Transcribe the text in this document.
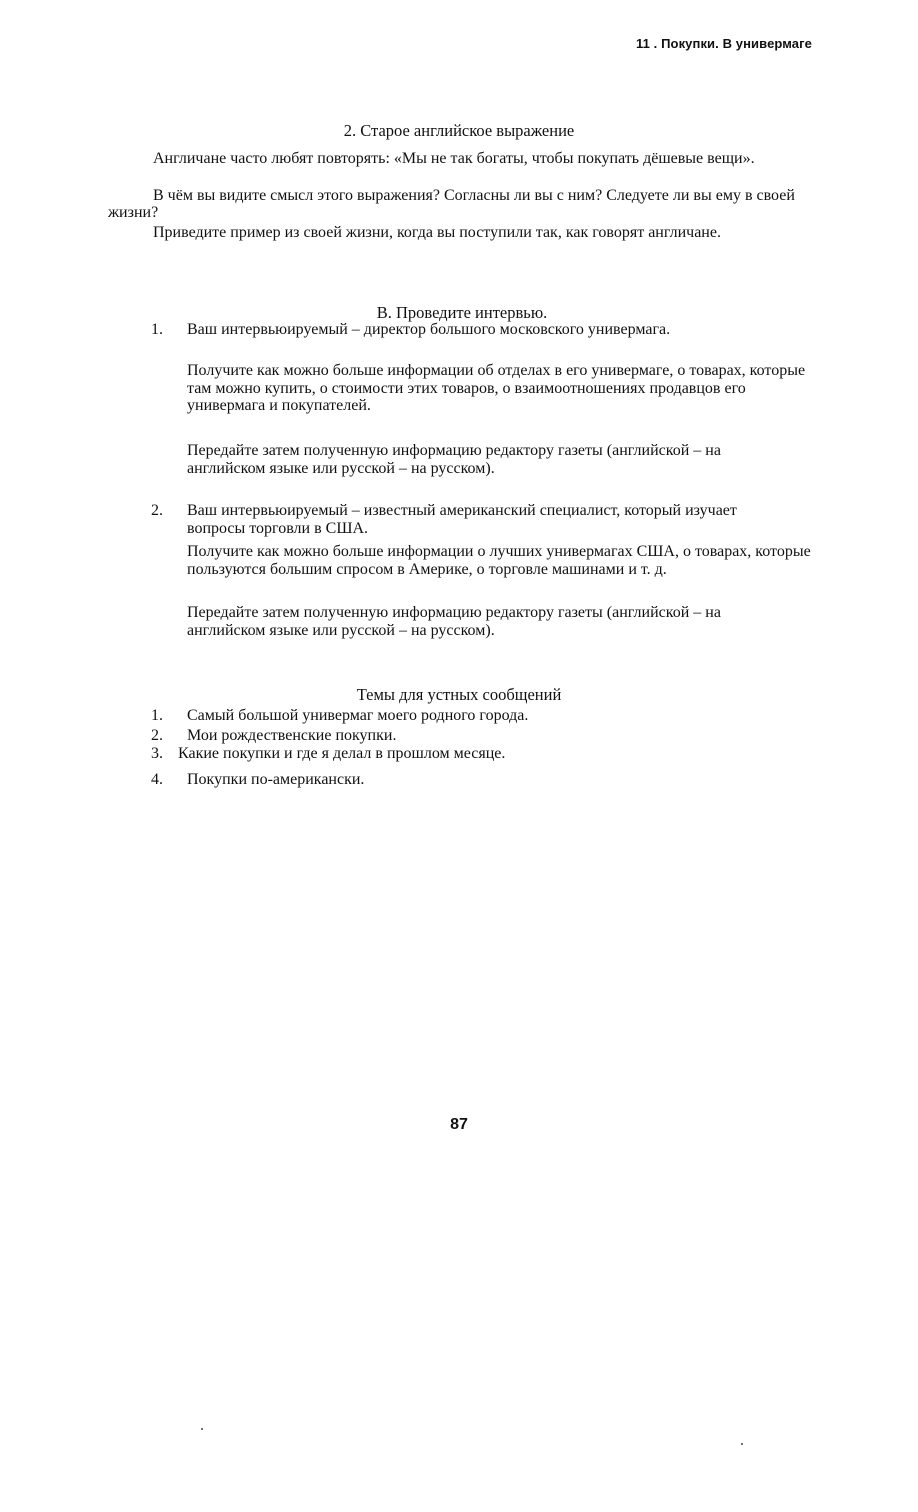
11 . Покупки. В универмаге
2. Старое английское выражение

Англичане часто любят повторять: «Мы не так богаты, чтобы покупать дёшевые вещи».

В чём вы видите смысл этого выражения? Согласны ли вы с ним? Следуете ли вы ему в своей жизни?

Приведите пример из своей жизни, когда вы поступили так, как говорят англичане.

B. Проведите интервью.
1. Ваш интервьюируемый – директор большого московского универмага.

Получите как можно больше информации об отделах в его универмаге, о товарах, которые там можно купить, о стоимости этих товаров, о взаимоотношениях продавцов его универмага и покупателей.

Передайте затем полученную информацию редактору газеты (английской – на английском языке или русской – на русском).

2. Ваш интервьюируемый – известный американский специалист, который изучает вопросы торговли в США.

Получите как можно больше информации о лучших универмагах США, о товарах, которые пользуются большим спросом в Америке, о торговле машинами и т. д.

Передайте затем полученную информацию редактору газеты (английской – на английском языке или русской – на русском).

Темы для устных сообщений
1. Самый большой универмаг моего родного города.
2. Мои рождественские покупки.
3. Какие покупки и где я делал в прошлом месяце.
4. Покупки по-американски.
87
